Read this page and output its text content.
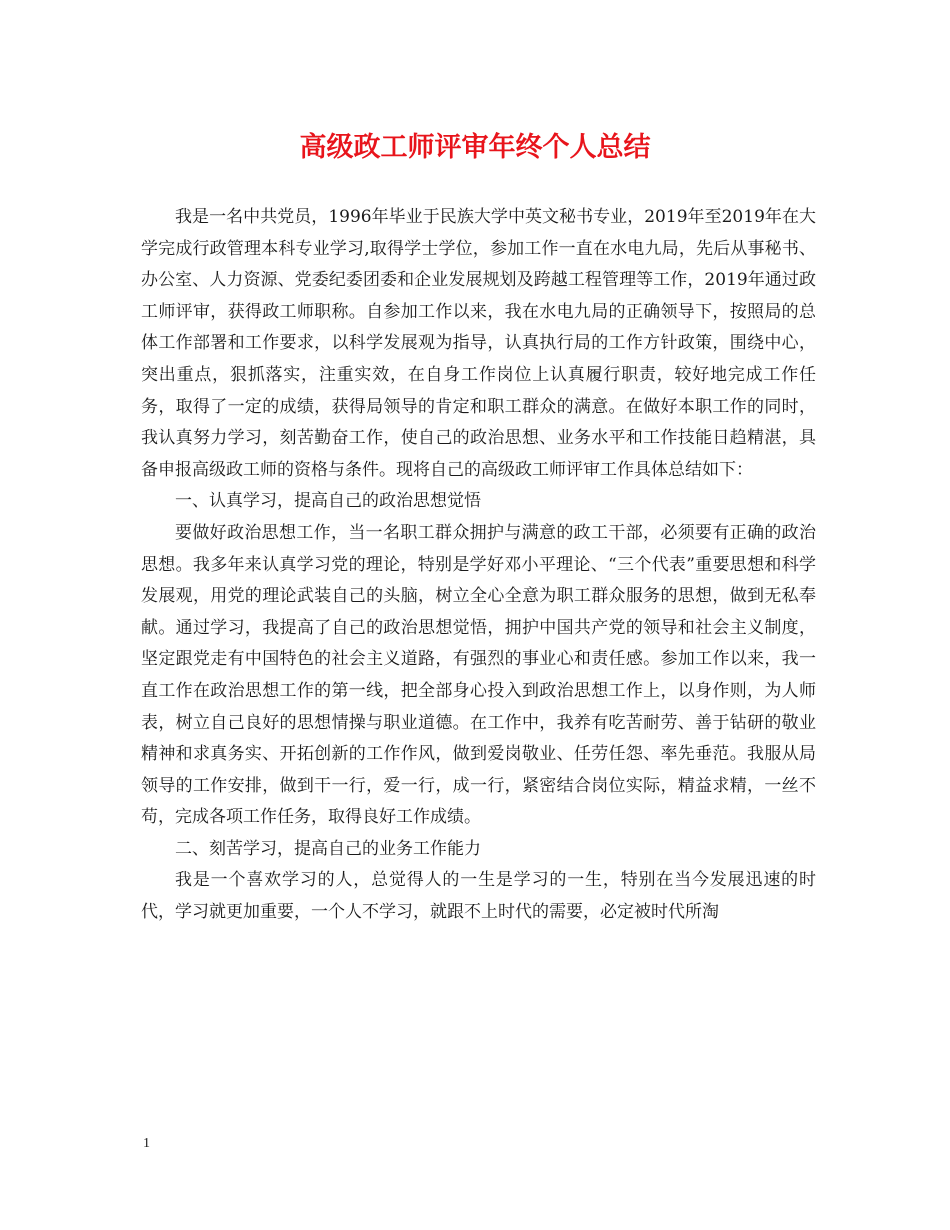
高级政工师评审年终个人总结

我是一名中共党员，1996年毕业于民族大学中英文秘书专业，2019年至2019年在大学完成行政管理本科专业学习,取得学士学位，参加工作一直在水电九局，先后从事秘书、办公室、人力资源、党委纪委团委和企业发展规划及跨越工程管理等工作，2019年通过政工师评审，获得政工师职称。自参加工作以来，我在水电九局的正确领导下，按照局的总体工作部署和工作要求，以科学发展观为指导，认真执行局的工作方针政策，围绕中心，突出重点，狠抓落实，注重实效，在自身工作岗位上认真履行职责，较好地完成工作任务，取得了一定的成绩，获得局领导的肯定和职工群众的满意。在做好本职工作的同时，我认真努力学习，刻苦勤奋工作，使自己的政治思想、业务水平和工作技能日趋精湛，具备申报高级政工师的资格与条件。现将自己的高级政工师评审工作具体总结如下：

一、认真学习，提高自己的政治思想觉悟

要做好政治思想工作，当一名职工群众拥护与满意的政工干部，必须要有正确的政治思想。我多年来认真学习党的理论，特别是学好邓小平理论、“三个代表”重要思想和科学发展观，用党的理论武装自己的头脑，树立全心全意为职工群众服务的思想，做到无私奉献。通过学习，我提高了自己的政治思想觉悟，拥护中国共产党的领导和社会主义制度，坚定跟党走有中国特色的社会主义道路，有强烈的事业心和责任感。参加工作以来，我一直工作在政治思想工作的第一线，把全部身心投入到政治思想工作上，以身作则，为人师表，树立自己良好的思想情操与职业道德。在工作中，我养有吃苦耐劳、善于钻研的敬业精神和求真务实、开拓创新的工作作风，做到爱岗敬业、任劳任怨、率先垂范。我服从局领导的工作安排，做到干一行，爱一行，成一行，紧密结合岗位实际，精益求精，一丝不苟，完成各项工作任务，取得良好工作成绩。

二、刻苦学习，提高自己的业务工作能力

我是一个喜欢学习的人，总觉得人的一生是学习的一生，特别在当今发展迅速的时代，学习就更加重要，一个人不学习，就跟不上时代的需要，必定被时代所淘

1
